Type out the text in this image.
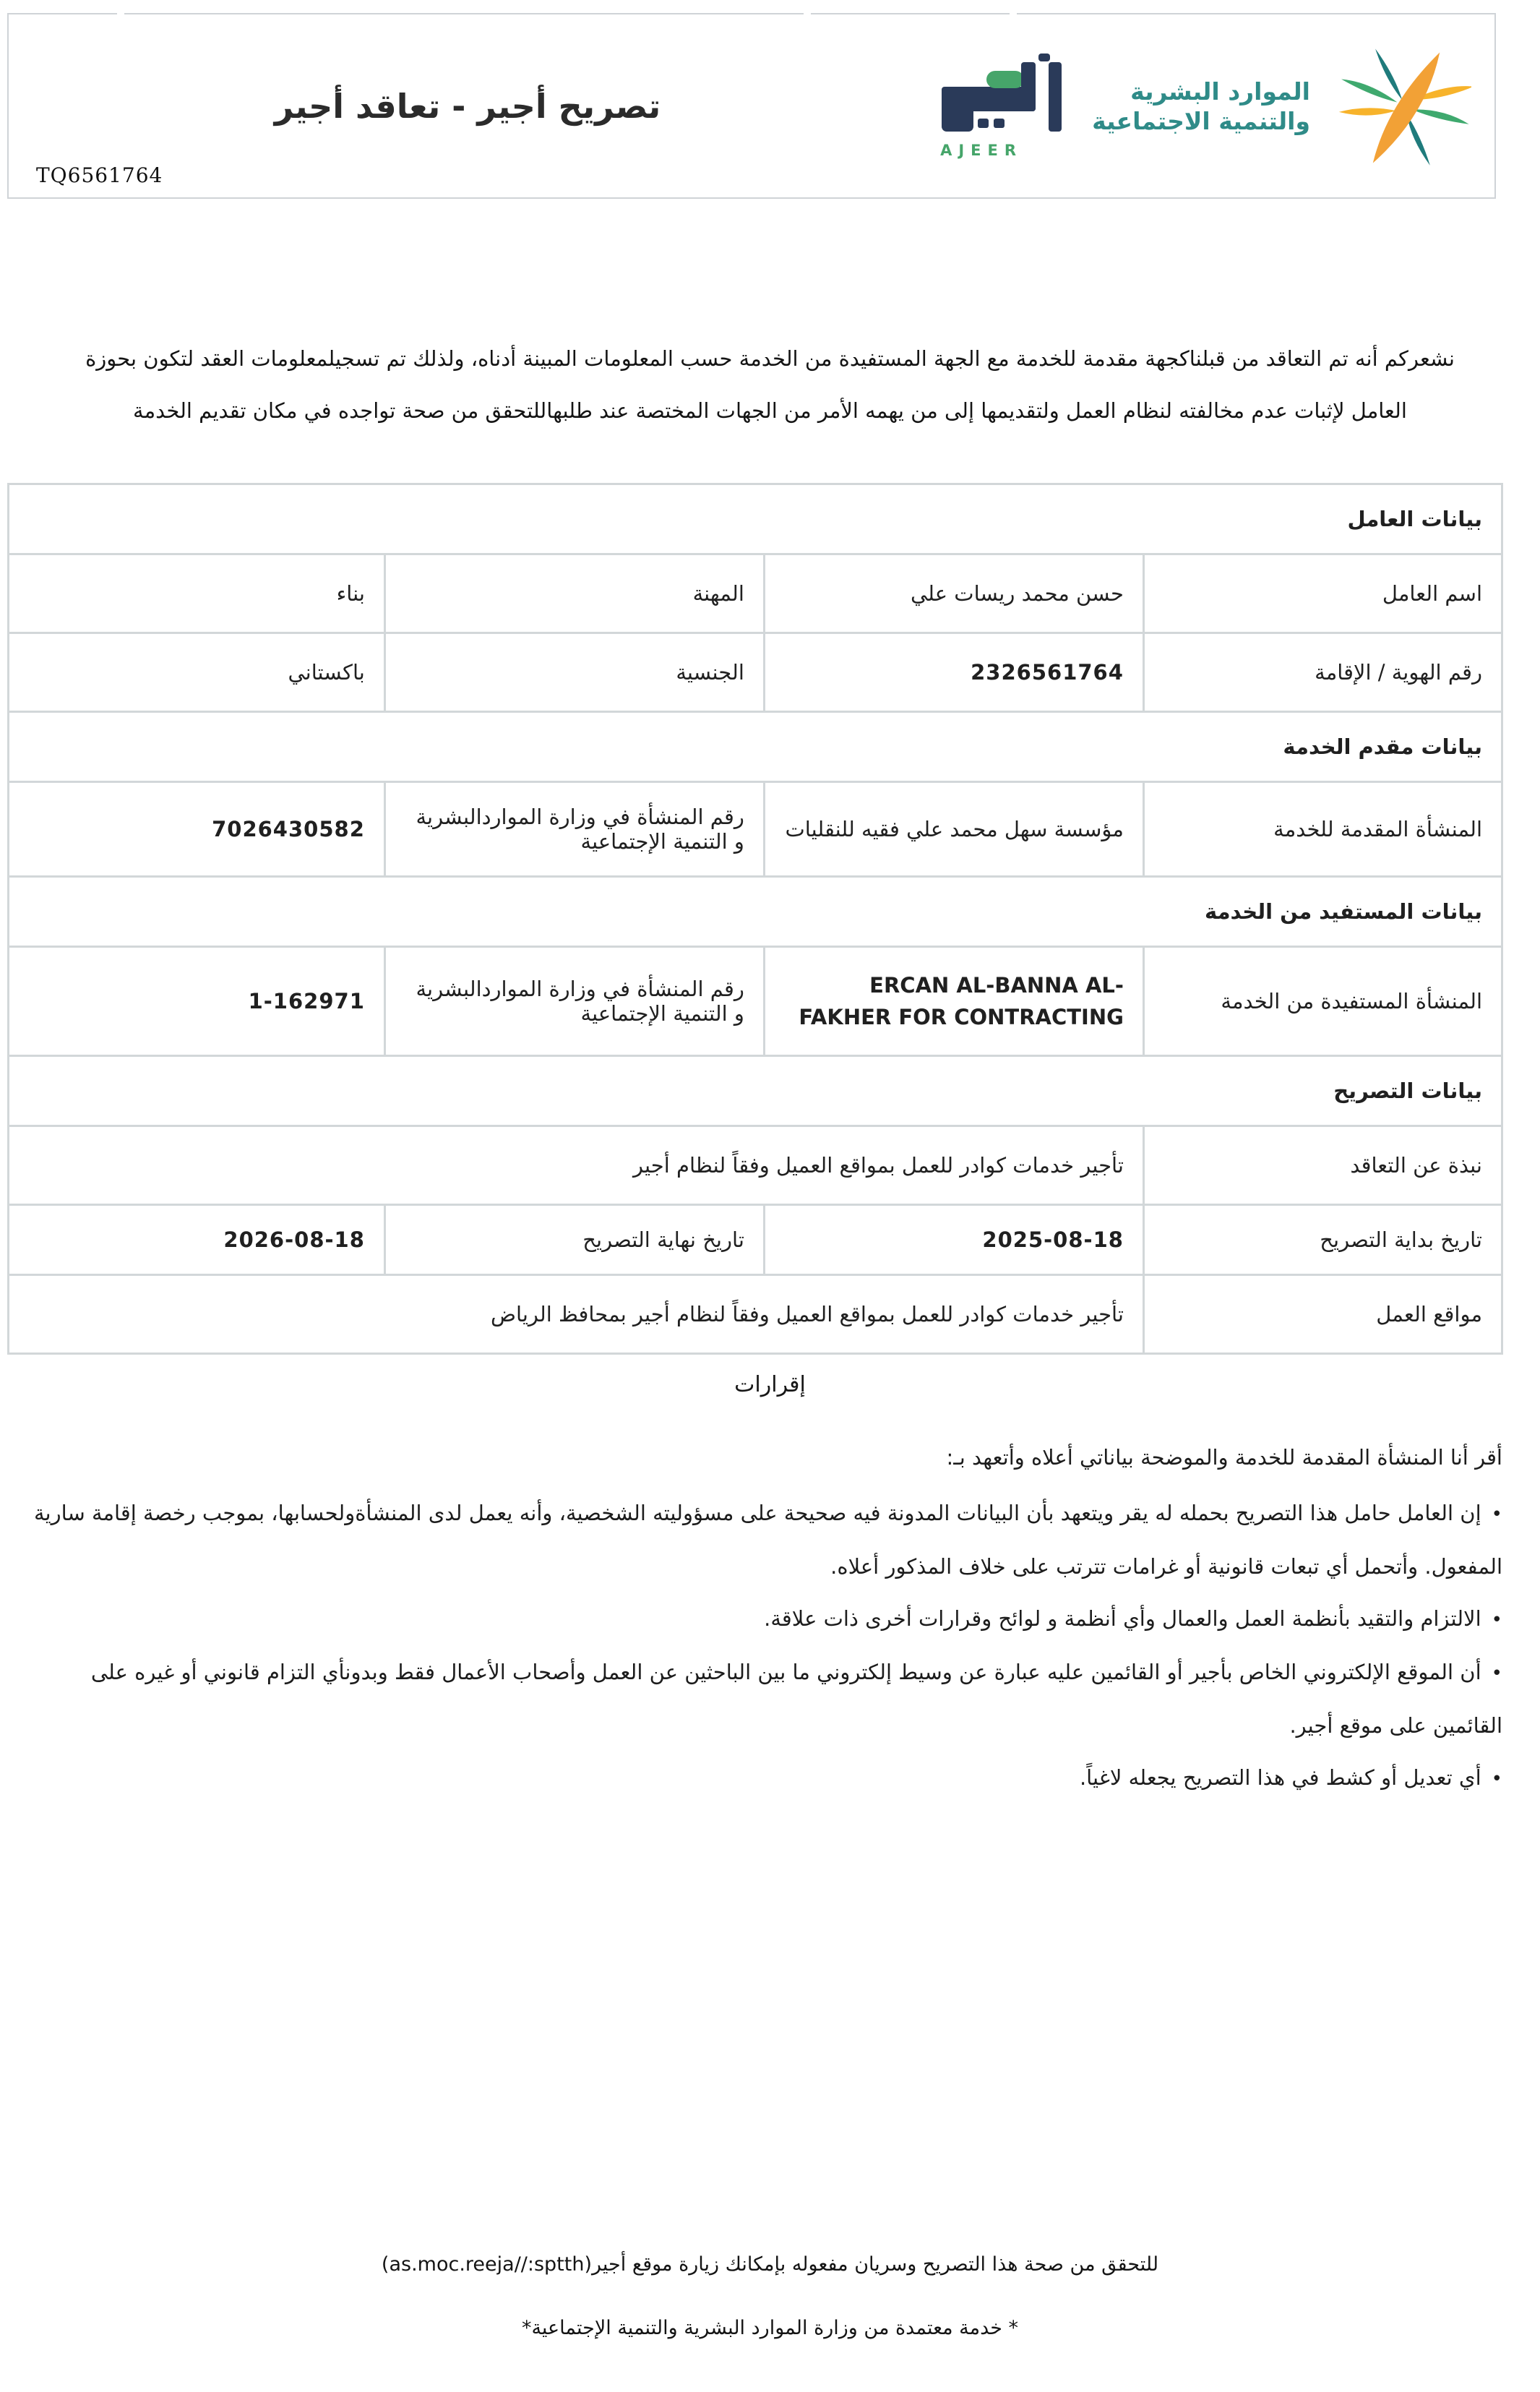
TQ6561764
تصريح أجير - تعاقد أجير
AJEER
الموارد البشرية
والتنمية الاجتماعية
نشعركم أنه تم التعاقد من قبلناكجهة مقدمة للخدمة مع الجهة المستفيدة من الخدمة حسب المعلومات المبينة أدناه، ولذلك تم تسجيلمعلومات العقد لتكون بحوزة
العامل لإثبات عدم مخالفته لنظام العمل ولتقديمها إلى من يهمه الأمر من الجهات المختصة عند طلبهاللتحقق من صحة تواجده في مكان تقديم الخدمة
بيانات العامل			
اسم العامل	حسن محمد ريسات علي	المهنة	بناء
رقم الهوية / الإقامة	2326561764	الجنسية	باكستاني
بيانات مقدم الخدمة			
المنشأة المقدمة للخدمة	مؤسسة سهل محمد علي فقيه للنقليات	رقم المنشأة في وزارة المواردالبشرية و التنمية الإجتماعية	7026430582
بيانات المستفيد من الخدمة			
المنشأة المستفيدة من الخدمة	ERCAN AL-BANNA AL-FAKHER FOR CONTRACTING	رقم المنشأة في وزارة المواردالبشرية و التنمية الإجتماعية	1-162971
بيانات التصريح			
نبذة عن التعاقد	تأجير خدمات كوادر للعمل بمواقع العميل وفقاً لنظام أجير		
تاريخ بداية التصريح	2025-08-18	تاريخ نهاية التصريح	2026-08-18
مواقع العمل	تأجير خدمات كوادر للعمل بمواقع العميل وفقاً لنظام أجير بمحافظ الرياض		
إقرارات
أقر أنا المنشأة المقدمة للخدمة والموضحة بياناتي أعلاه وأتعهد بـ:
•إن العامل حامل هذا التصريح بحمله له يقر ويتعهد بأن البيانات المدونة فيه صحيحة على مسؤوليته الشخصية، وأنه يعمل لدى المنشأةولحسابها، بموجب رخصة إقامة سارية المفعول. وأتحمل أي تبعات قانونية أو غرامات تترتب على خلاف المذكور أعلاه.
•الالتزام والتقيد بأنظمة العمل والعمال وأي أنظمة و لوائح وقرارات أخرى ذات علاقة.
•أن الموقع الإلكتروني الخاص بأجير أو القائمين عليه عبارة عن وسيط إلكتروني ما بين الباحثين عن العمل وأصحاب الأعمال فقط وبدونأي التزام قانوني أو غيره على القائمين على موقع أجير.
•أي تعديل أو كشط في هذا التصريح يجعله لاغياً.
للتحقق من صحة هذا التصريح وسريان مفعوله بإمكانك زيارة موقع أجير(as.moc.reeja//:sptth)
* خدمة معتمدة من وزارة الموارد البشرية والتنمية الإجتماعية*
